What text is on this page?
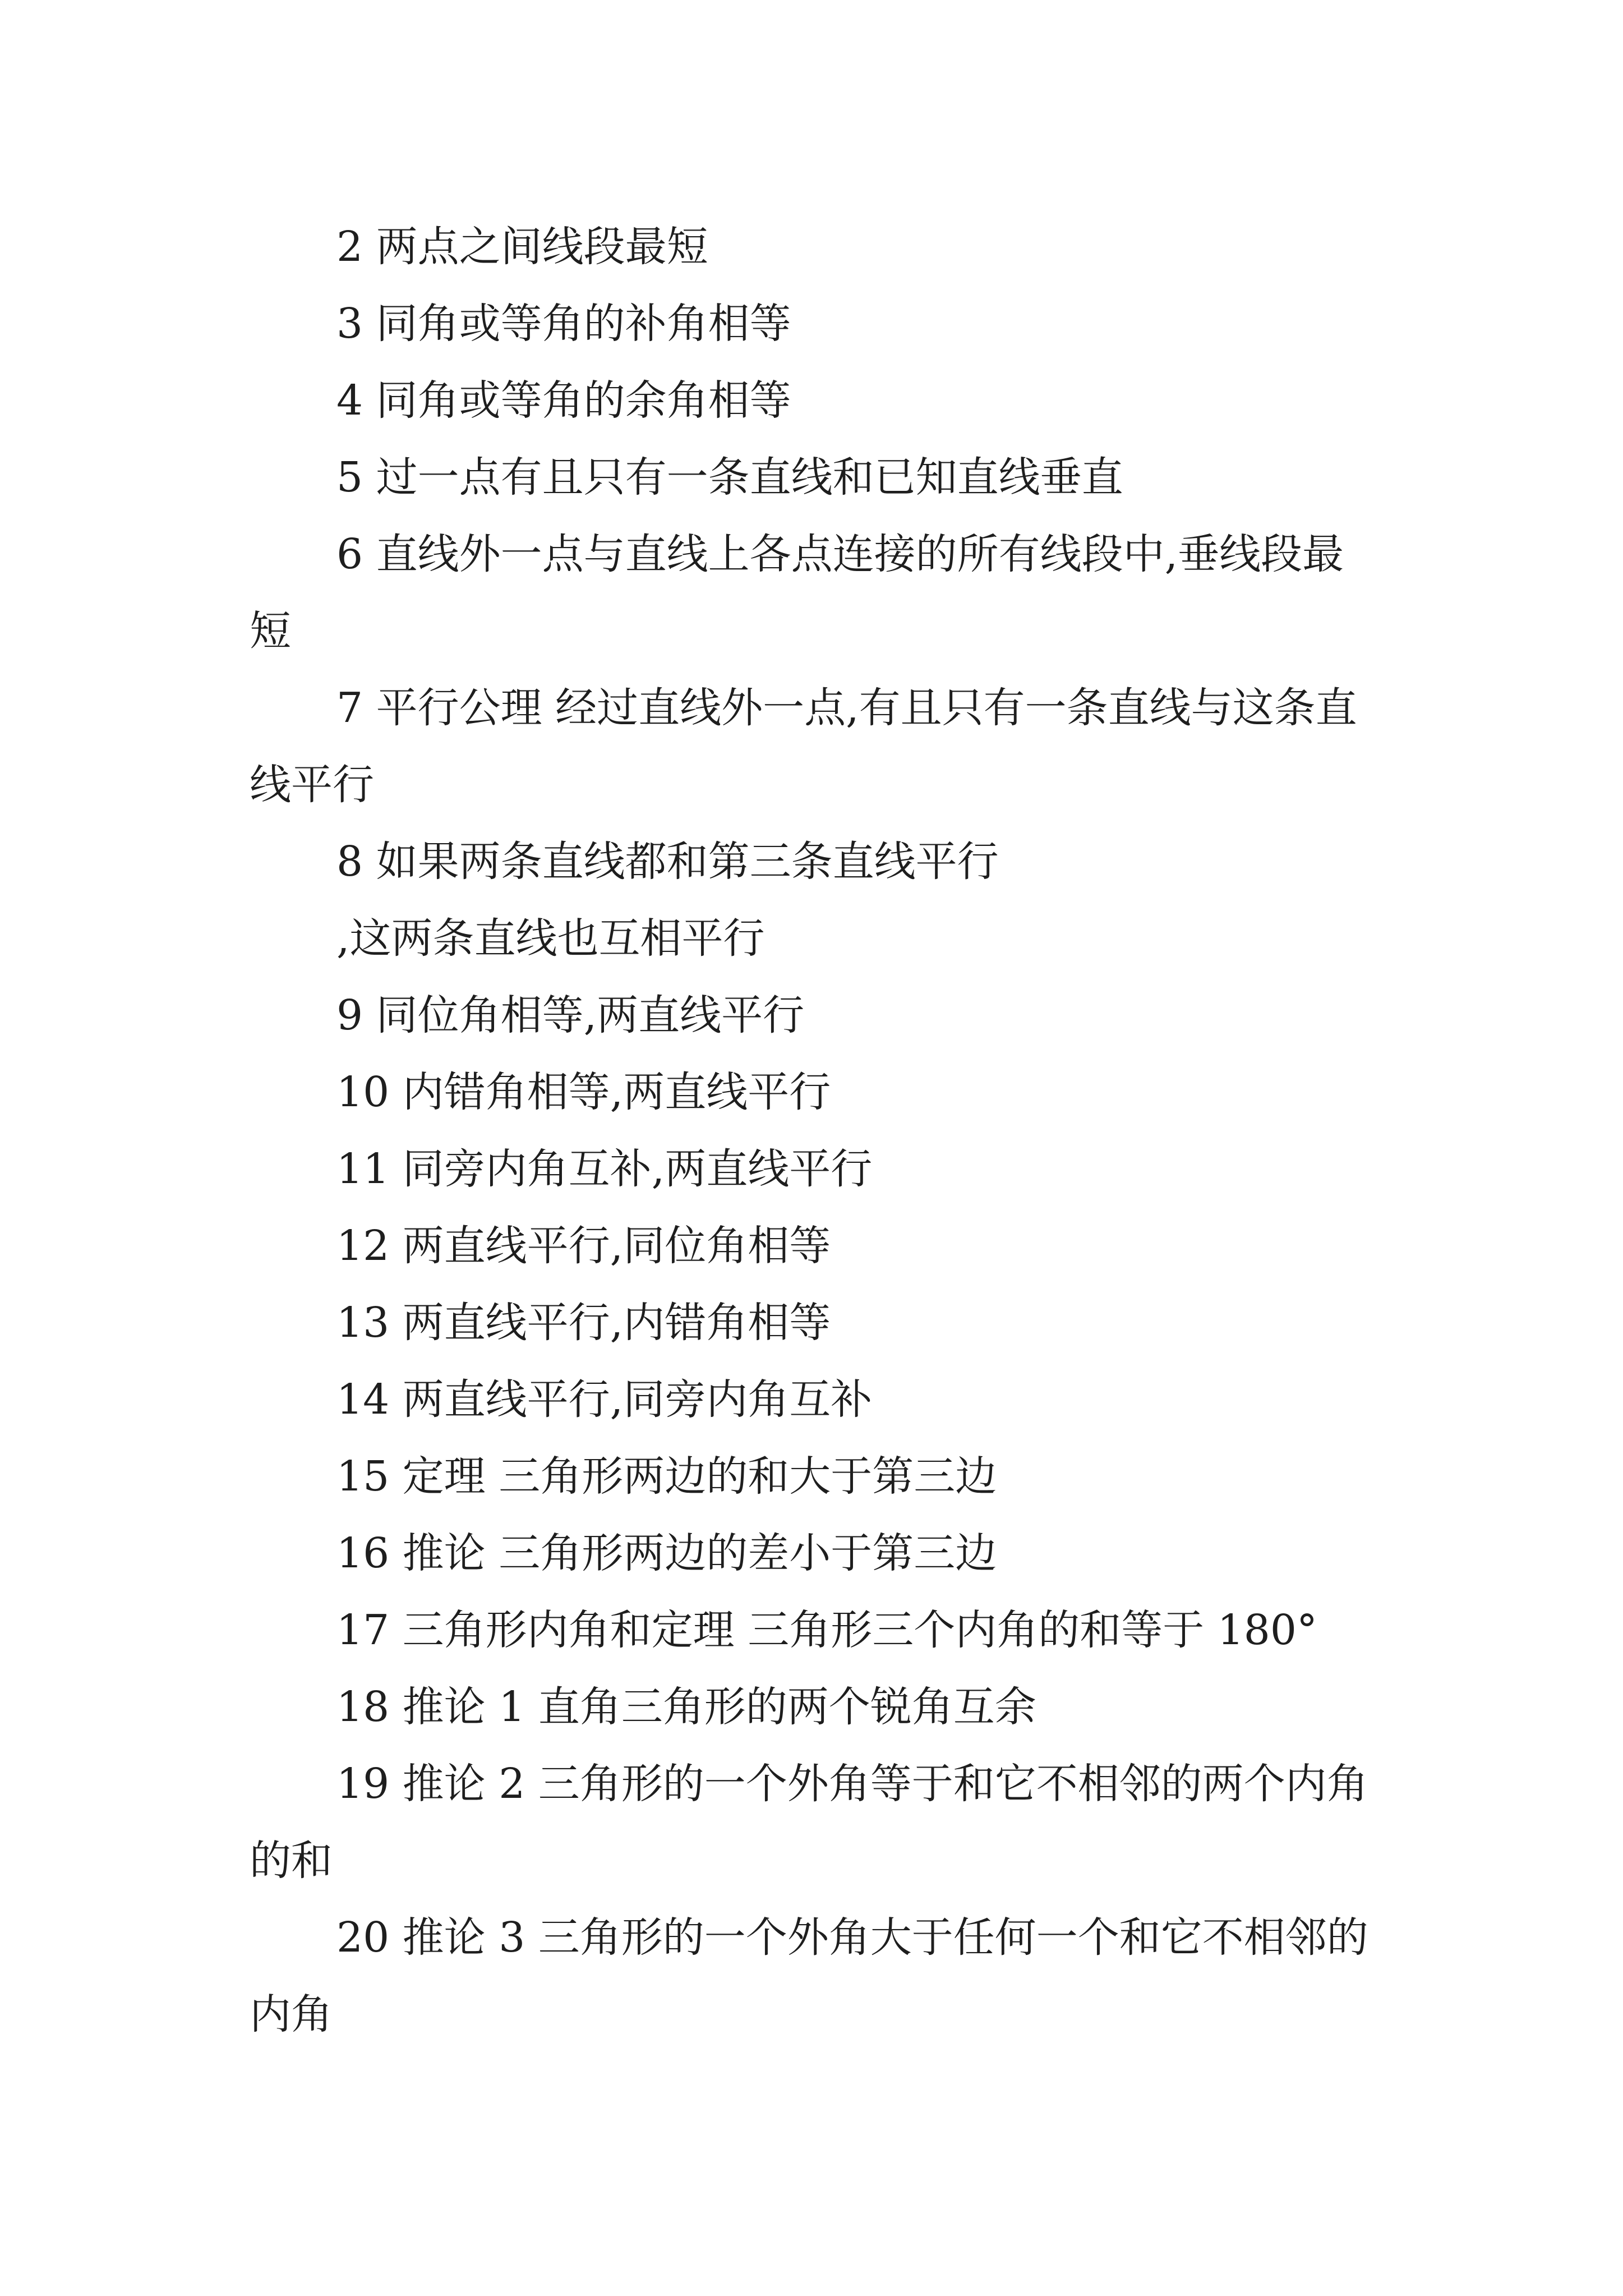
2 两点之间线段最短

3 同角或等角的补角相等

4 同角或等角的余角相等

5 过一点有且只有一条直线和已知直线垂直

6 直线外一点与直线上各点连接的所有线段中,垂线段最短

7 平行公理 经过直线外一点,有且只有一条直线与这条直线平行

8 如果两条直线都和第三条直线平行

,这两条直线也互相平行

9 同位角相等,两直线平行

10 内错角相等,两直线平行

11 同旁内角互补,两直线平行

12 两直线平行,同位角相等

13 两直线平行,内错角相等

14 两直线平行,同旁内角互补

15 定理 三角形两边的和大于第三边

16 推论 三角形两边的差小于第三边

17 三角形内角和定理 三角形三个内角的和等于 180°

18 推论 1 直角三角形的两个锐角互余

19 推论 2 三角形的一个外角等于和它不相邻的两个内角的和

20 推论 3 三角形的一个外角大于任何一个和它不相邻的内角
